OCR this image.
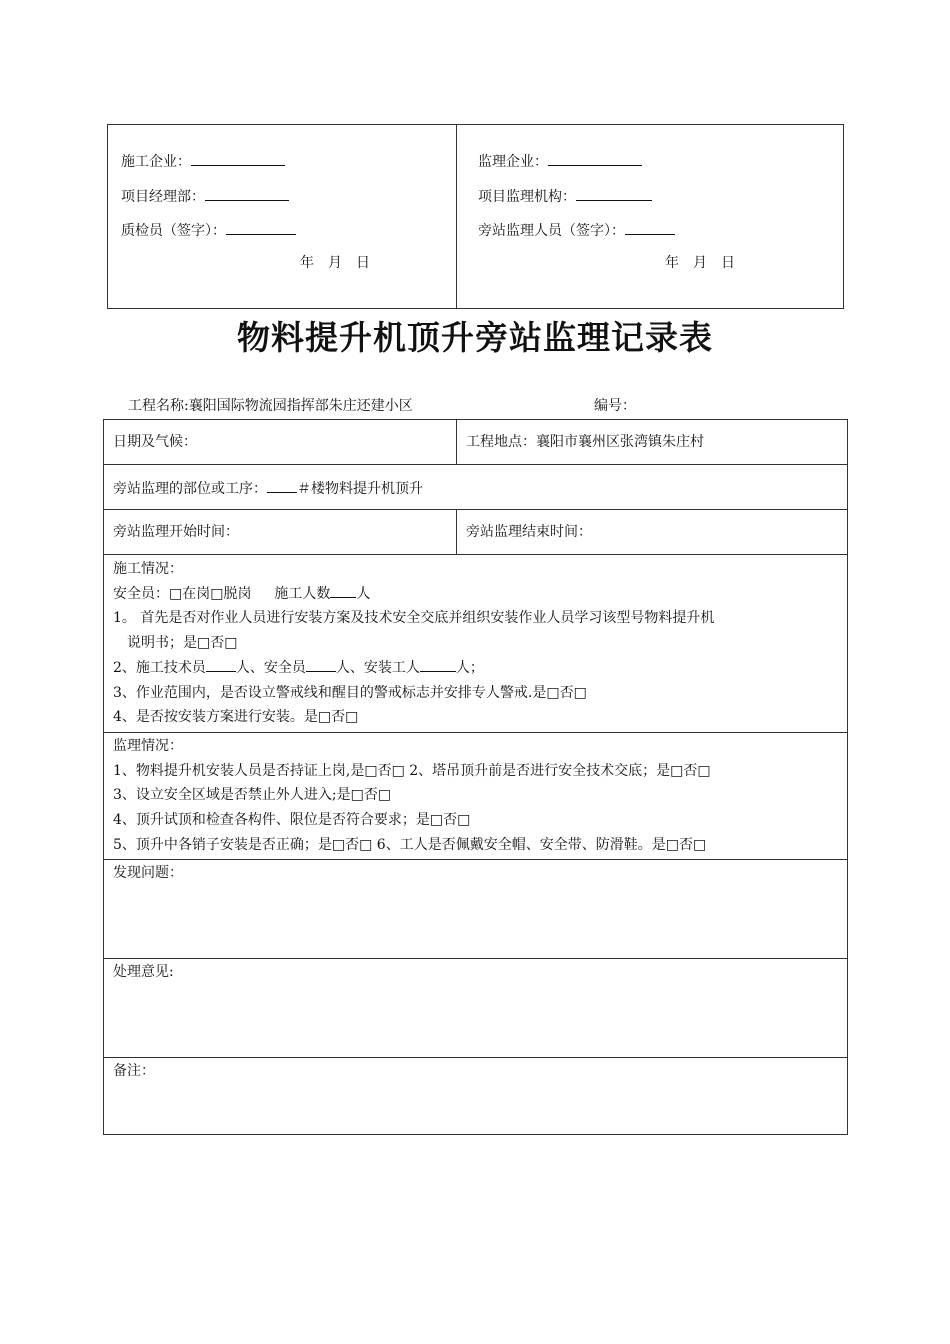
施工企业：
项目经理部：
质检员（签字）：
年　月　日
监理企业：
项目监理机构：
旁站监理人员（签字）：
年　月　日
物料提升机顶升旁站监理记录表
工程名称:襄阳国际物流园指挥部朱庄还建小区	编号：
日期及气候：	工程地点：襄阳市襄州区张湾镇朱庄村
旁站监理的部位或工序： ＃楼物料提升机顶升
旁站监理开始时间：	旁站监理结束时间：
施工情况：
安全员：□在岗□脱岗　 施工人数 人
1。 首先是否对作业人员进行安装方案及技术安全交底并组织安装作业人员学习该型号物料提升机
说明书；是□否□
2、施工技术员 人、安全员 人、安装工人	人；
3、作业范围内，是否设立警戒线和醒目的警戒标志并安排专人警戒.是□否□
4、是否按安装方案进行安装。是□否□
监理情况：
1、物料提升机安装人员是否持证上岗,是□否□ 2、塔吊顶升前是否进行安全技术交底；是□否□
3、设立安全区域是否禁止外人进入;是□否□
4、顶升试顶和检查各构件、限位是否符合要求；是□否□
5、顶升中各销子安装是否正确；是□否□ 6、工人是否佩戴安全帽、安全带、防滑鞋。是□否□
发现问题：
处理意见:
备注：
